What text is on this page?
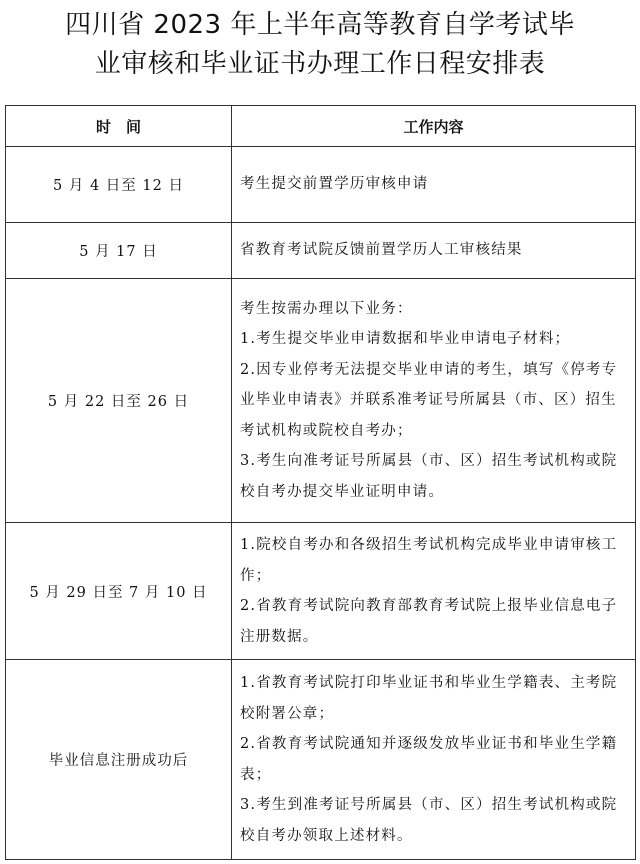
四川省 2023 年上半年高等教育自学考试毕
业审核和毕业证书办理工作日程安排表
时　间	工作内容
5 月 4 日至 12 日	考生提交前置学历审核申请

5 月 17 日	省教育考试院反馈前置学历人工审核结果

5 月 22 日至 26 日	考生按需办理以下业务：
1.考生提交毕业申请数据和毕业申请电子材料；
2.因专业停考无法提交毕业申请的考生，填写《停考专业毕业申请表》并联系准考证号所属县（市、区）招生考试机构或院校自考办；
3.考生向准考证号所属县（市、区）招生考试机构或院校自考办提交毕业证明申请。

5 月 29 日至 7 月 10 日	1.院校自考办和各级招生考试机构完成毕业申请审核工作；
2.省教育考试院向教育部教育考试院上报毕业信息电子注册数据。

毕业信息注册成功后	1.省教育考试院打印毕业证书和毕业生学籍表、主考院校附署公章；
2.省教育考试院通知并逐级发放毕业证书和毕业生学籍表；
3.考生到准考证号所属县（市、区）招生考试机构或院校自考办领取上述材料。
